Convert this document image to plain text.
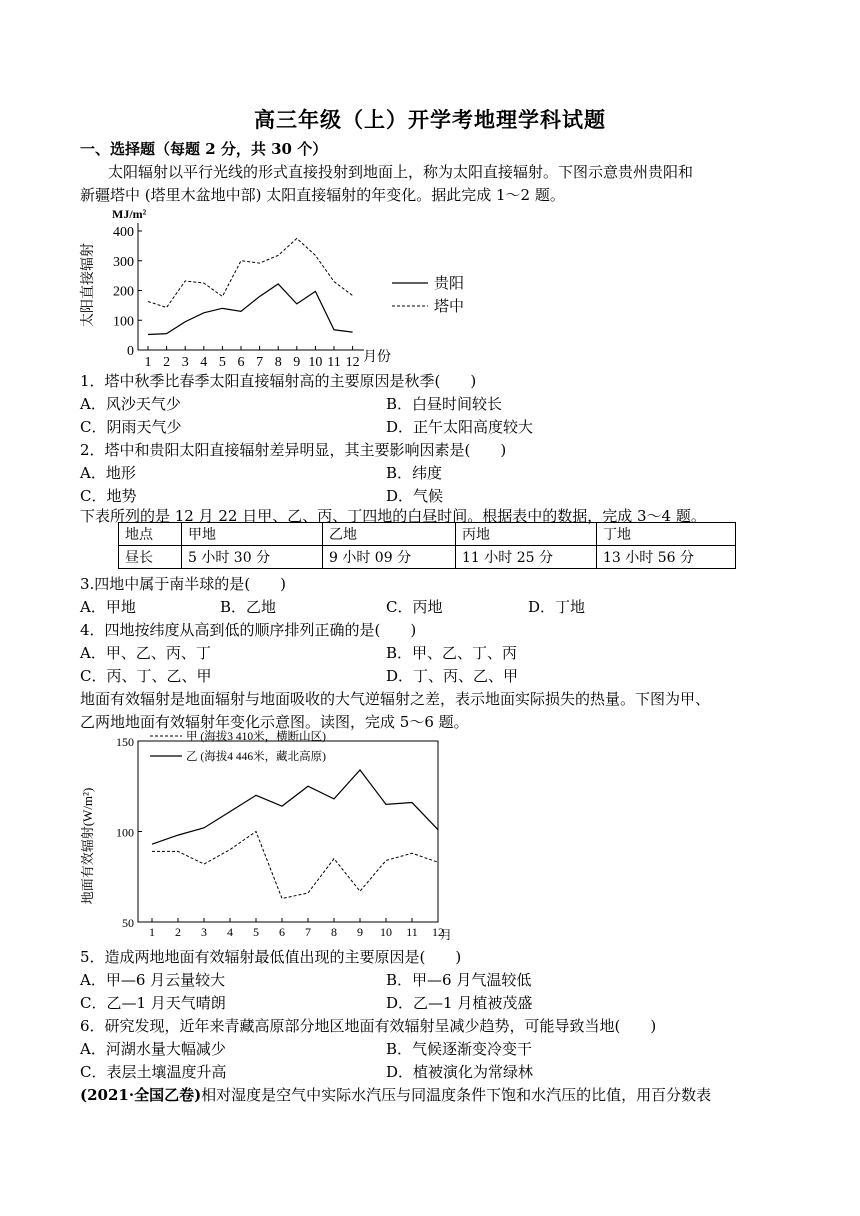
高三年级（上）开学考地理学科试题
一、选择题（每题 2 分，共 30 个）
太阳辐射以平行光线的形式直接投射到地面上，称为太阳直接辐射。下图示意贵州贵阳和
新疆塔中 (塔里木盆地中部) 太阳直接辐射的年变化。据此完成 1～2 题。
MJ/m²
太阳直接辐射
0
100
200
300
400
1 2 3 4 5 6 7 8 9 10 11 12 月份
贵阳
塔中
1．塔中秋季比春季太阳直接辐射高的主要原因是秋季(　　)
A．风沙天气少	B．白昼时间较长
C．阴雨天气少	D．正午太阳高度较大
2．塔中和贵阳太阳直接辐射差异明显，其主要影响因素是(　　)
A．地形	B．纬度
C．地势	D．气候
下表所列的是 12 月 22 日甲、乙、丙、丁四地的白昼时间。根据表中的数据，完成 3～4 题。
地点	甲地	乙地	丙地	丁地
昼长	5 小时 30 分	9 小时 09 分	11 小时 25 分	13 小时 56 分
3.四地中属于南半球的是(　　)
A．甲地	B．乙地	C．丙地	D．丁地
4．四地按纬度从高到低的顺序排列正确的是(　　)
A．甲、乙、丙、丁	B．甲、乙、丁、丙
C．丙、丁、乙、甲	D．丁、丙、乙、甲
地面有效辐射是地面辐射与地面吸收的大气逆辐射之差，表示地面实际损失的热量。下图为甲、
乙两地地面有效辐射年变化示意图。读图，完成 5～6 题。
地面有效辐射(W/m²)
50
100
150
1 2 3 4 5 6 7 8 9 10 11 12
月
甲 (海拔3 410米，横断山区)
乙 (海拔4 446米，藏北高原)
5．造成两地地面有效辐射最低值出现的主要原因是(　　)
A．甲—6 月云量较大	B．甲—6 月气温较低
C．乙—1 月天气晴朗	D．乙—1 月植被茂盛
6．研究发现，近年来青藏高原部分地区地面有效辐射呈减少趋势，可能导致当地(　　)
A．河湖水量大幅减少	B．气候逐渐变冷变干
C．表层土壤温度升高	D．植被演化为常绿林
(2021·全国乙卷)相对湿度是空气中实际水汽压与同温度条件下饱和水汽压的比值，用百分数表
